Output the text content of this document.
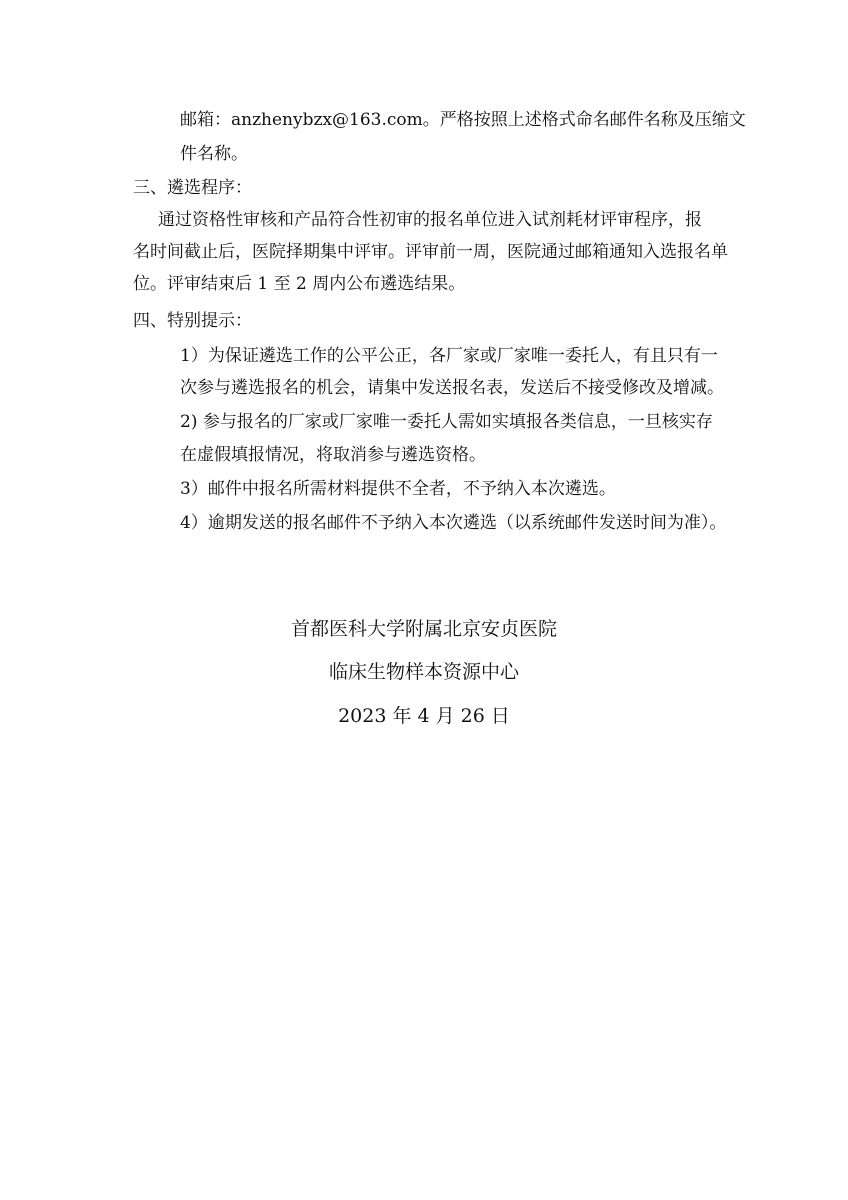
邮箱：anzhenybzx@163.com。严格按照上述格式命名邮件名称及压缩文
件名称。
三、遴选程序：
通过资格性审核和产品符合性初审的报名单位进入试剂耗材评审程序，报
名时间截止后，医院择期集中评审。评审前一周，医院通过邮箱通知入选报名单
位。评审结束后 1 至 2 周内公布遴选结果。
四、特别提示：
1）为保证遴选工作的公平公正，各厂家或厂家唯一委托人，有且只有一
次参与遴选报名的机会，请集中发送报名表，发送后不接受修改及增减。
2) 参与报名的厂家或厂家唯一委托人需如实填报各类信息，一旦核实存
在虚假填报情况，将取消参与遴选资格。
3）邮件中报名所需材料提供不全者，不予纳入本次遴选。
4）逾期发送的报名邮件不予纳入本次遴选（以系统邮件发送时间为准）。
首都医科大学附属北京安贞医院
临床生物样本资源中心
2023 年 4 月 26 日
